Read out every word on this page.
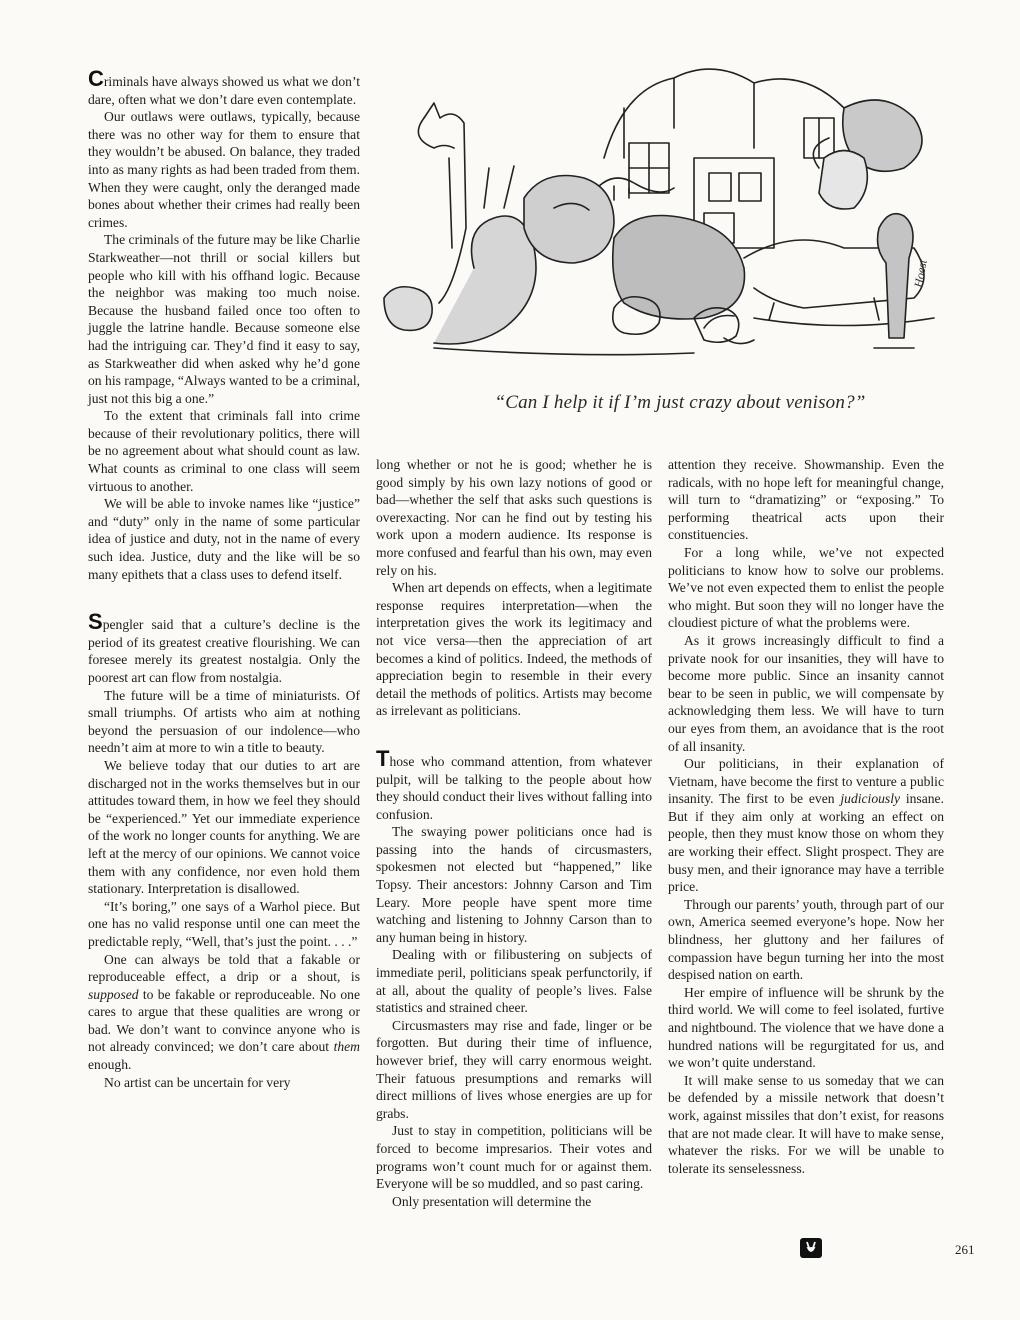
Hoest
“Can I help it if I’m just crazy about venison?”

Criminals have always showed us what we don’t dare, often what we don’t dare even contemplate.

Our outlaws were outlaws, typically, because there was no other way for them to ensure that they wouldn’t be abused. On balance, they traded into as many rights as had been traded from them. When they were caught, only the deranged made bones about whether their crimes had really been crimes.

The criminals of the future may be like Charlie Starkweather—not thrill or social killers but people who kill with his offhand logic. Because the neighbor was making too much noise. Because the husband failed once too often to juggle the latrine handle. Because someone else had the intriguing car. They’d find it easy to say, as Starkweather did when asked why he’d gone on his rampage, “Always wanted to be a criminal, just not this big a one.”

To the extent that criminals fall into crime because of their revolutionary politics, there will be no agreement about what should count as law. What counts as criminal to one class will seem virtuous to another.

We will be able to invoke names like “justice” and “duty” only in the name of some particular idea of justice and duty, not in the name of every such idea. Justice, duty and the like will be so many epithets that a class uses to defend itself.

Spengler said that a culture’s decline is the period of its greatest creative flourishing. We can foresee merely its greatest nostalgia. Only the poorest art can flow from nostalgia.

The future will be a time of miniaturists. Of small triumphs. Of artists who aim at nothing beyond the persuasion of our indolence—who needn’t aim at more to win a title to beauty.

We believe today that our duties to art are discharged not in the works themselves but in our attitudes toward them, in how we feel they should be “experienced.” Yet our immediate experience of the work no longer counts for anything. We are left at the mercy of our opinions. We cannot voice them with any confidence, nor even hold them stationary. Interpretation is disallowed.

“It’s boring,” one says of a Warhol piece. But one has no valid response until one can meet the predictable reply, “Well, that’s just the point. . . .”

One can always be told that a fakable or reproduceable effect, a drip or a shout, is supposed to be fakable or reproduceable. No one cares to argue that these qualities are wrong or bad. We don’t want to convince anyone who is not already convinced; we don’t care about them enough.

No artist can be uncertain for very

long whether or not he is good; whether he is good simply by his own lazy notions of good or bad—whether the self that asks such questions is overexacting. Nor can he find out by testing his work upon a modern audience. Its response is more confused and fearful than his own, may even rely on his.

When art depends on effects, when a legitimate response requires interpretation—when the interpretation gives the work its legitimacy and not vice versa—then the appreciation of art becomes a kind of politics. Indeed, the methods of appreciation begin to resemble in their every detail the methods of politics. Artists may become as irrelevant as politicians.

Those who command attention, from whatever pulpit, will be talking to the people about how they should conduct their lives without falling into confusion.

The swaying power politicians once had is passing into the hands of circusmasters, spokesmen not elected but “happened,” like Topsy. Their ancestors: Johnny Carson and Tim Leary. More people have spent more time watching and listening to Johnny Carson than to any human being in history.

Dealing with or filibustering on subjects of immediate peril, politicians speak perfunctorily, if at all, about the quality of people’s lives. False statistics and strained cheer.

Circusmasters may rise and fade, linger or be forgotten. But during their time of influence, however brief, they will carry enormous weight. Their fatuous presumptions and remarks will direct millions of lives whose energies are up for grabs.

Just to stay in competition, politicians will be forced to become impresarios. Their votes and programs won’t count much for or against them. Everyone will be so muddled, and so past caring.

Only presentation will determine the

attention they receive. Showmanship. Even the radicals, with no hope left for meaningful change, will turn to “dramatizing” or “exposing.” To performing theatrical acts upon their constituencies.

For a long while, we’ve not expected politicians to know how to solve our problems. We’ve not even expected them to enlist the people who might. But soon they will no longer have the cloudiest picture of what the problems were.

As it grows increasingly difficult to find a private nook for our insanities, they will have to become more public. Since an insanity cannot bear to be seen in public, we will compensate by acknowledging them less. We will have to turn our eyes from them, an avoidance that is the root of all insanity.

Our politicians, in their explanation of Vietnam, have become the first to venture a public insanity. The first to be even judiciously insane. But if they aim only at working an effect on people, then they must know those on whom they are working their effect. Slight prospect. They are busy men, and their ignorance may have a terrible price.

Through our parents’ youth, through part of our own, America seemed everyone’s hope. Now her blindness, her gluttony and her failures of compassion have begun turning her into the most despised nation on earth.

Her empire of influence will be shrunk by the third world. We will come to feel isolated, furtive and nightbound. The violence that we have done a hundred nations will be regurgitated for us, and we won’t quite understand.

It will make sense to us someday that we can be defended by a missile network that doesn’t work, against missiles that don’t exist, for reasons that are not made clear. It will have to make sense, whatever the risks. For we will be unable to tolerate its senselessness.

261
